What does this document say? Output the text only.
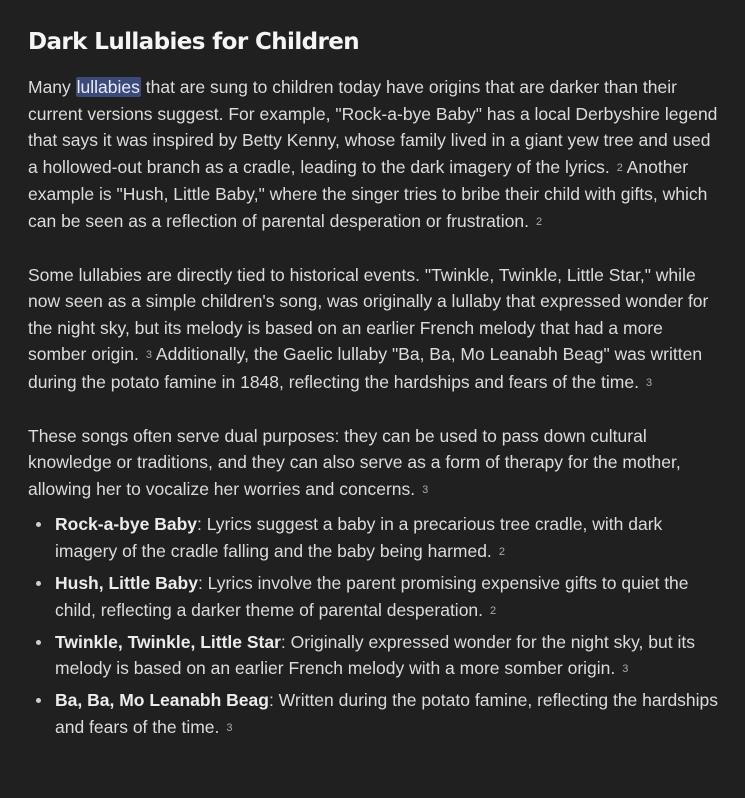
Dark Lullabies for Children

Many lullabies that are sung to children today have origins that are darker than their current versions suggest. For example, "Rock-a-bye Baby" has a local Derbyshire legend that says it was inspired by Betty Kenny, whose family lived in a giant yew tree and used a hollowed-out branch as a cradle, leading to the dark imagery of the lyrics. 2 Another example is "Hush, Little Baby," where the singer tries to bribe their child with gifts, which can be seen as a reflection of parental desperation or frustration. 2

Some lullabies are directly tied to historical events. "Twinkle, Twinkle, Little Star," while now seen as a simple children's song, was originally a lullaby that expressed wonder for the night sky, but its melody is based on an earlier French melody that had a more somber origin. 3 Additionally, the Gaelic lullaby "Ba, Ba, Mo Leanabh Beag" was written during the potato famine in 1848, reflecting the hardships and fears of the time. 3

These songs often serve dual purposes: they can be used to pass down cultural knowledge or traditions, and they can also serve as a form of therapy for the mother, allowing her to vocalize her worries and concerns. 3

Rock-a-bye Baby: Lyrics suggest a baby in a precarious tree cradle, with dark imagery of the cradle falling and the baby being harmed. 2
Hush, Little Baby: Lyrics involve the parent promising expensive gifts to quiet the child, reflecting a darker theme of parental desperation. 2
Twinkle, Twinkle, Little Star: Originally expressed wonder for the night sky, but its melody is based on an earlier French melody with a more somber origin. 3
Ba, Ba, Mo Leanabh Beag: Written during the potato famine, reflecting the hardships and fears of the time. 3
